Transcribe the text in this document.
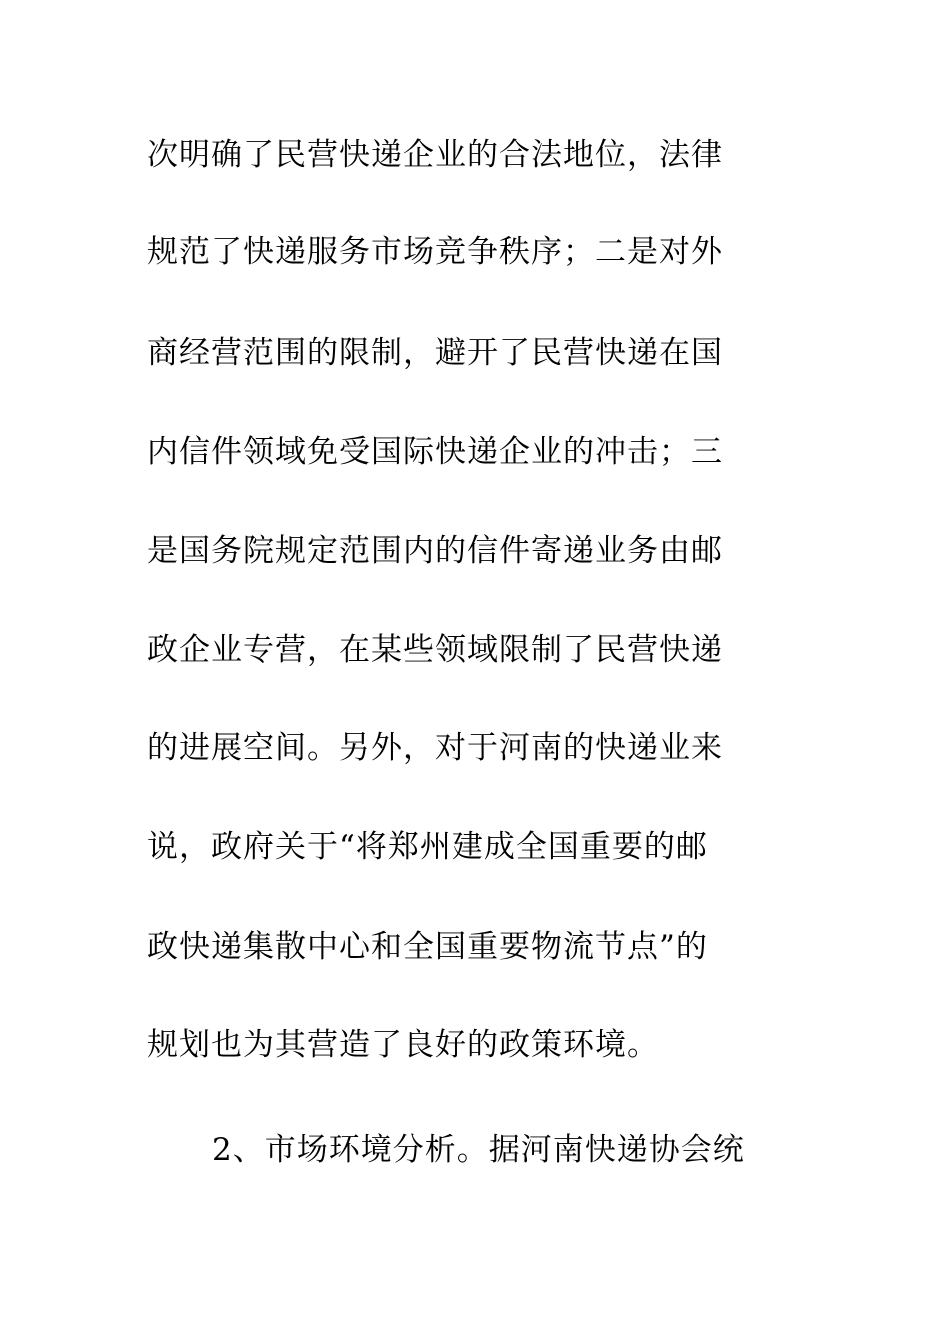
次明确了民营快递企业的合法地位，法律
规范了快递服务市场竞争秩序；二是对外
商经营范围的限制，避开了民营快递在国
内信件领域免受国际快递企业的冲击；三
是国务院规定范围内的信件寄递业务由邮
政企业专营，在某些领域限制了民营快递
的进展空间。另外，对于河南的快递业来
说，政府关于“将郑州建成全国重要的邮
政快递集散中心和全国重要物流节点”的
规划也为其营造了良好的政策环境。
2、市场环境分析。据河南快递协会统
